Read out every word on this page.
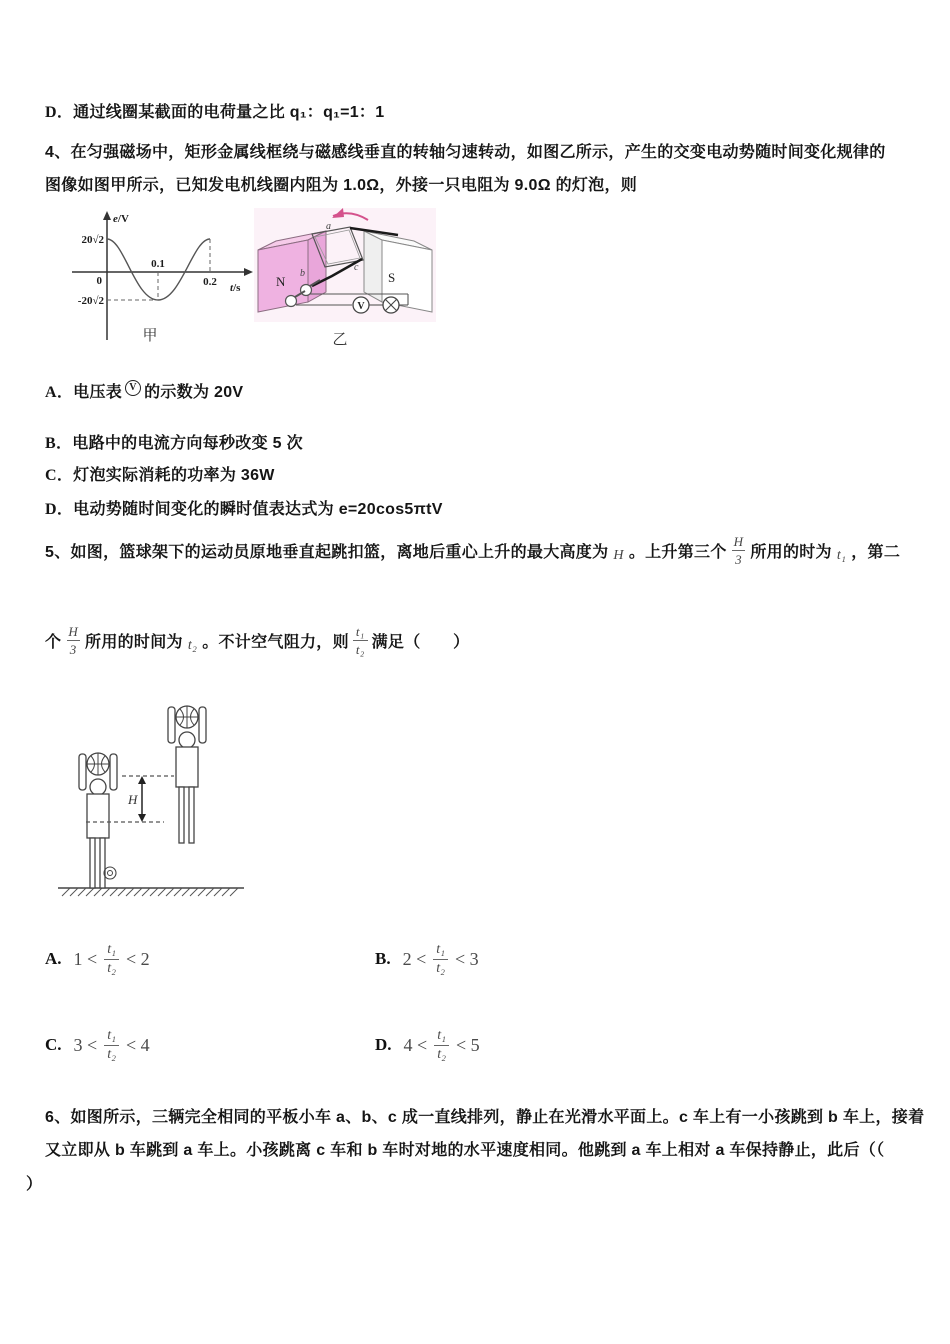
D．通过线圈某截面的电荷量之比 q₁：q₁=1：1
4、在匀强磁场中，矩形金属线框绕与磁感线垂直的转轴匀速转动，如图乙所示，产生的交变电动势随时间变化规律的
图像如图甲所示，已知发电机线圈内阻为 1.0Ω，外接一只电阻为 9.0Ω 的灯泡，则
20√2
0
-20√2
0.1
0.2
e/V
t/s
甲
N	S
a
b
c
V
乙
A．电压表 V 的示数为 20V
B．电路中的电流方向每秒改变 5 次
C．灯泡实际消耗的功率为 36W
D．电动势随时间变化的瞬时值表达式为 e=20cos5πtV
5、如图，篮球架下的运动员原地垂直起跳扣篮，离地后重心上升的最大高度为 H 。上升第三个 $\frac{H}{3}$ 所用的时为 t₁ ，第二
个 $\frac{H}{3}$ 所用的时间为 t₂ 。不计空气阻力，则 $\frac{\text{t₁}}{\text{t₂}}$ 满足（　　）
H
A. $1 < \frac{\text{t₁}}{\text{t₂}} < 2$	B. $2 < \frac{\text{t₁}}{\text{t₂}} < 3$
C. $3 < \frac{\text{t₁}}{\text{t₂}} < 4$	D. $4 < \frac{\text{t₁}}{\text{t₂}} < 5$
6、如图所示，三辆完全相同的平板小车 a、b、c 成一直线排列，静止在光滑水平面上。c 车上有一小孩跳到 b 车上，接着
又立即从 b 车跳到 a 车上。小孩跳离 c 车和 b 车时对地的水平速度相同。他跳到 a 车上相对 a 车保持静止，此后（（
）
